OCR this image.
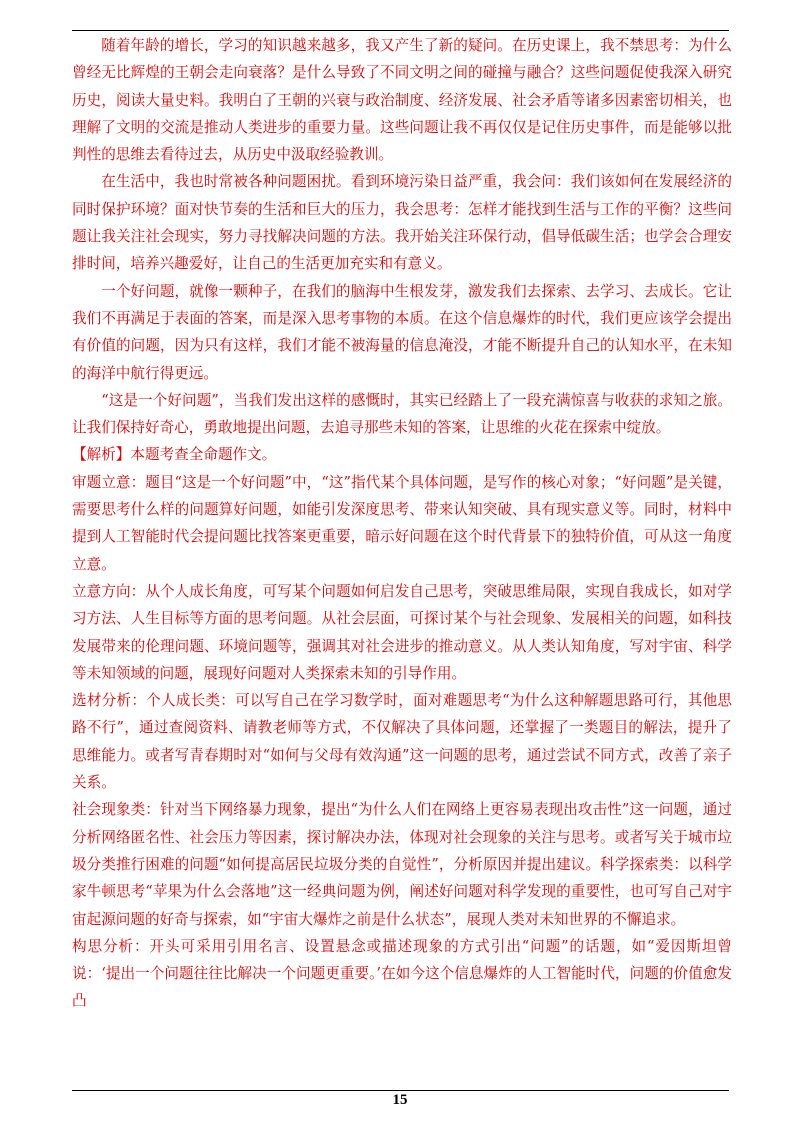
随着年龄的增长，学习的知识越来越多，我又产生了新的疑问。在历史课上，我不禁思考：为什么曾经无比辉煌的王朝会走向衰落？是什么导致了不同文明之间的碰撞与融合？这些问题促使我深入研究历史，阅读大量史料。我明白了王朝的兴衰与政治制度、经济发展、社会矛盾等诸多因素密切相关，也理解了文明的交流是推动人类进步的重要力量。这些问题让我不再仅仅是记住历史事件，而是能够以批判性的思维去看待过去，从历史中汲取经验教训。

在生活中，我也时常被各种问题困扰。看到环境污染日益严重，我会问：我们该如何在发展经济的同时保护环境？面对快节奏的生活和巨大的压力，我会思考：怎样才能找到生活与工作的平衡？这些问题让我关注社会现实，努力寻找解决问题的方法。我开始关注环保行动，倡导低碳生活；也学会合理安排时间，培养兴趣爱好，让自己的生活更加充实和有意义。

一个好问题，就像一颗种子，在我们的脑海中生根发芽，激发我们去探索、去学习、去成长。它让我们不再满足于表面的答案，而是深入思考事物的本质。在这个信息爆炸的时代，我们更应该学会提出有价值的问题，因为只有这样，我们才能不被海量的信息淹没，才能不断提升自己的认知水平，在未知的海洋中航行得更远。

“这是一个好问题”，当我们发出这样的感慨时，其实已经踏上了一段充满惊喜与收获的求知之旅。让我们保持好奇心，勇敢地提出问题，去追寻那些未知的答案，让思维的火花在探索中绽放。

【解析】本题考查全命题作文。

审题立意：题目“这是一个好问题”中，“这”指代某个具体问题，是写作的核心对象；“好问题”是关键，需要思考什么样的问题算好问题，如能引发深度思考、带来认知突破、具有现实意义等。同时，材料中提到人工智能时代会提问题比找答案更重要，暗示好问题在这个时代背景下的独特价值，可从这一角度立意。

立意方向：从个人成长角度，可写某个问题如何启发自己思考，突破思维局限，实现自我成长，如对学习方法、人生目标等方面的思考问题。从社会层面，可探讨某个与社会现象、发展相关的问题，如科技发展带来的伦理问题、环境问题等，强调其对社会进步的推动意义。从人类认知角度，写对宇宙、科学等未知领域的问题，展现好问题对人类探索未知的引导作用。

选材分析：个人成长类：可以写自己在学习数学时，面对难题思考“为什么这种解题思路可行，其他思路不行”，通过查阅资料、请教老师等方式，不仅解决了具体问题，还掌握了一类题目的解法，提升了思维能力。或者写青春期时对“如何与父母有效沟通”这一问题的思考，通过尝试不同方式，改善了亲子关系。

社会现象类：针对当下网络暴力现象，提出“为什么人们在网络上更容易表现出攻击性”这一问题，通过分析网络匿名性、社会压力等因素，探讨解决办法，体现对社会现象的关注与思考。或者写关于城市垃圾分类推行困难的问题“如何提高居民垃圾分类的自觉性”，分析原因并提出建议。科学探索类：以科学家牛顿思考“苹果为什么会落地”这一经典问题为例，阐述好问题对科学发现的重要性，也可写自己对宇宙起源问题的好奇与探索，如“宇宙大爆炸之前是什么状态”，展现人类对未知世界的不懈追求。

构思分析：开头可采用引用名言、设置悬念或描述现象的方式引出“问题”的话题，如“爱因斯坦曾说：‘提出一个问题往往比解决一个问题更重要。’在如今这个信息爆炸的人工智能时代，问题的价值愈发凸

15
